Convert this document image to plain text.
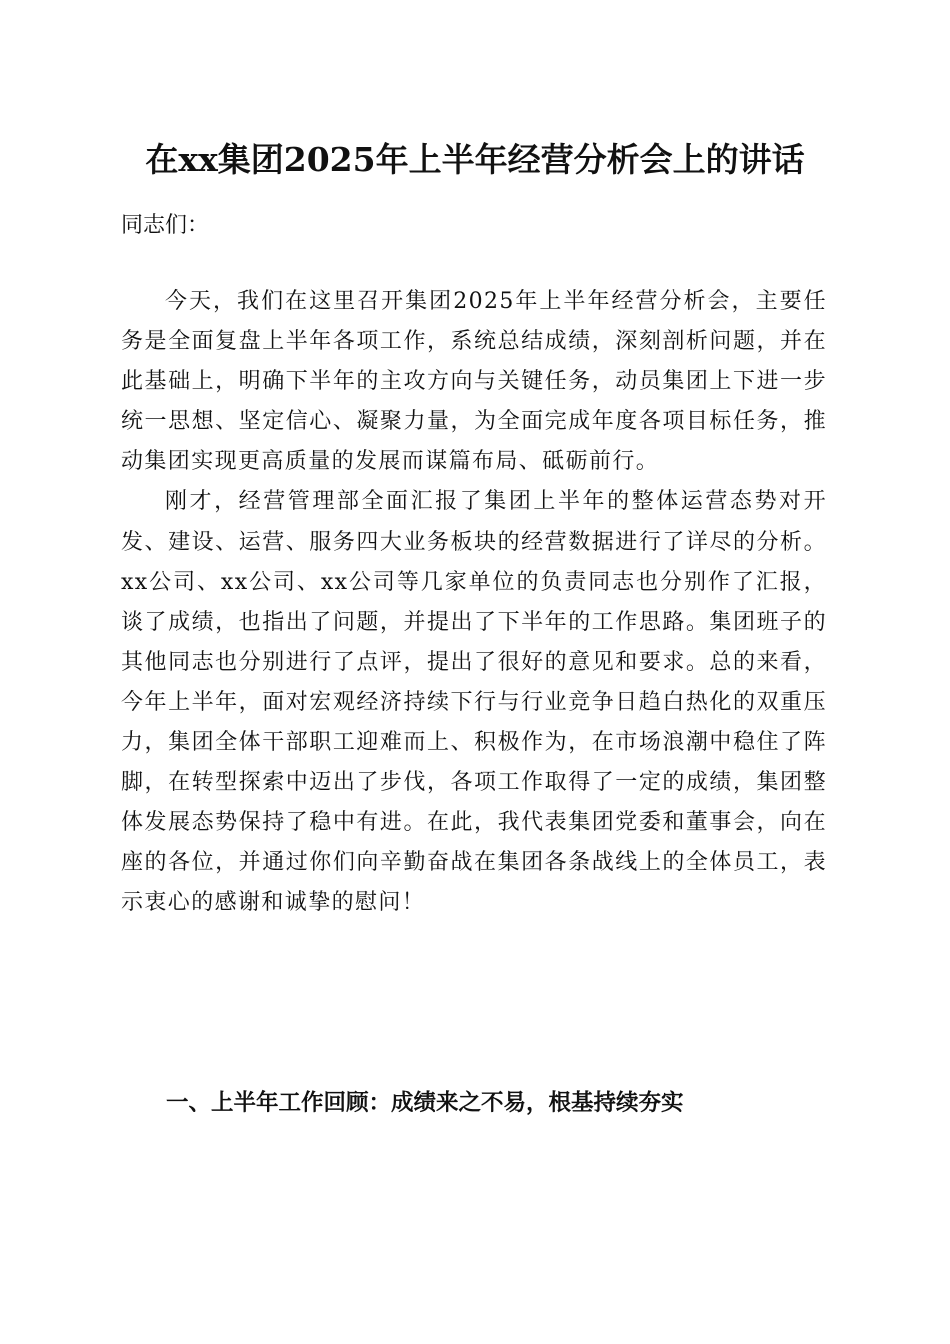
在xx集团2025年上半年经营分析会上的讲话
同志们：

今天，我们在这里召开集团2025年上半年经营分析会，主要任务是全面复盘上半年各项工作，系统总结成绩，深刻剖析问题，并在此基础上，明确下半年的主攻方向与关键任务，动员集团上下进一步统一思想、坚定信心、凝聚力量，为全面完成年度各项目标任务，推动集团实现更高质量的发展而谋篇布局、砥砺前行。

刚才，经营管理部全面汇报了集团上半年的整体运营态势对开发、建设、运营、服务四大业务板块的经营数据进行了详尽的分析。xx公司、xx公司、xx公司等几家单位的负责同志也分别作了汇报，谈了成绩，也指出了问题，并提出了下半年的工作思路。集团班子的其他同志也分别进行了点评，提出了很好的意见和要求。总的来看，今年上半年，面对宏观经济持续下行与行业竞争日趋白热化的双重压力，集团全体干部职工迎难而上、积极作为，在市场浪潮中稳住了阵脚，在转型探索中迈出了步伐，各项工作取得了一定的成绩，集团整体发展态势保持了稳中有进。在此，我代表集团党委和董事会，向在座的各位，并通过你们向辛勤奋战在集团各条战线上的全体员工，表示衷心的感谢和诚挚的慰问！

一、上半年工作回顾：成绩来之不易，根基持续夯实
